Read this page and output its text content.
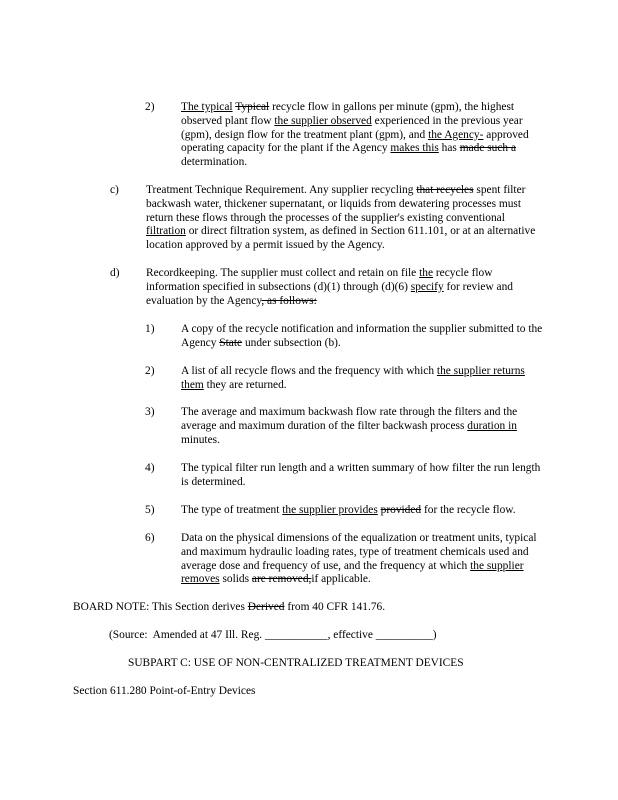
2) The typical Typical recycle flow in gallons per minute (gpm), the highest observed plant flow the supplier observed experienced in the previous year (gpm), design flow for the treatment plant (gpm), and the Agency- approved operating capacity for the plant if the Agency makes this has made such a determination.
c) Treatment Technique Requirement. Any supplier recycling that recycles spent filter backwash water, thickener supernatant, or liquids from dewatering processes must return these flows through the processes of the supplier's existing conventional filtration or direct filtration system, as defined in Section 611.101, or at an alternative location approved by a permit issued by the Agency.
d) Recordkeeping. The supplier must collect and retain on file the recycle flow information specified in subsections (d)(1) through (d)(6) specify for review and evaluation by the Agency, as follows:
1) A copy of the recycle notification and information the supplier submitted to the Agency State under subsection (b).
2) A list of all recycle flows and the frequency with which the supplier returns them they are returned.
3) The average and maximum backwash flow rate through the filters and the average and maximum duration of the filter backwash process duration in minutes.
4) The typical filter run length and a written summary of how filter the run length is determined.
5) The type of treatment the supplier provides provided for the recycle flow.
6) Data on the physical dimensions of the equalization or treatment units, typical and maximum hydraulic loading rates, type of treatment chemicals used and average dose and frequency of use, and the frequency at which the supplier removes solids are removed,if applicable.
BOARD NOTE: This Section derives Derived from 40 CFR 141.76.
(Source:  Amended at 47 Ill. Reg. ___________, effective __________)
SUBPART C: USE OF NON-CENTRALIZED TREATMENT DEVICES
Section 611.280 Point-of-Entry Devices
